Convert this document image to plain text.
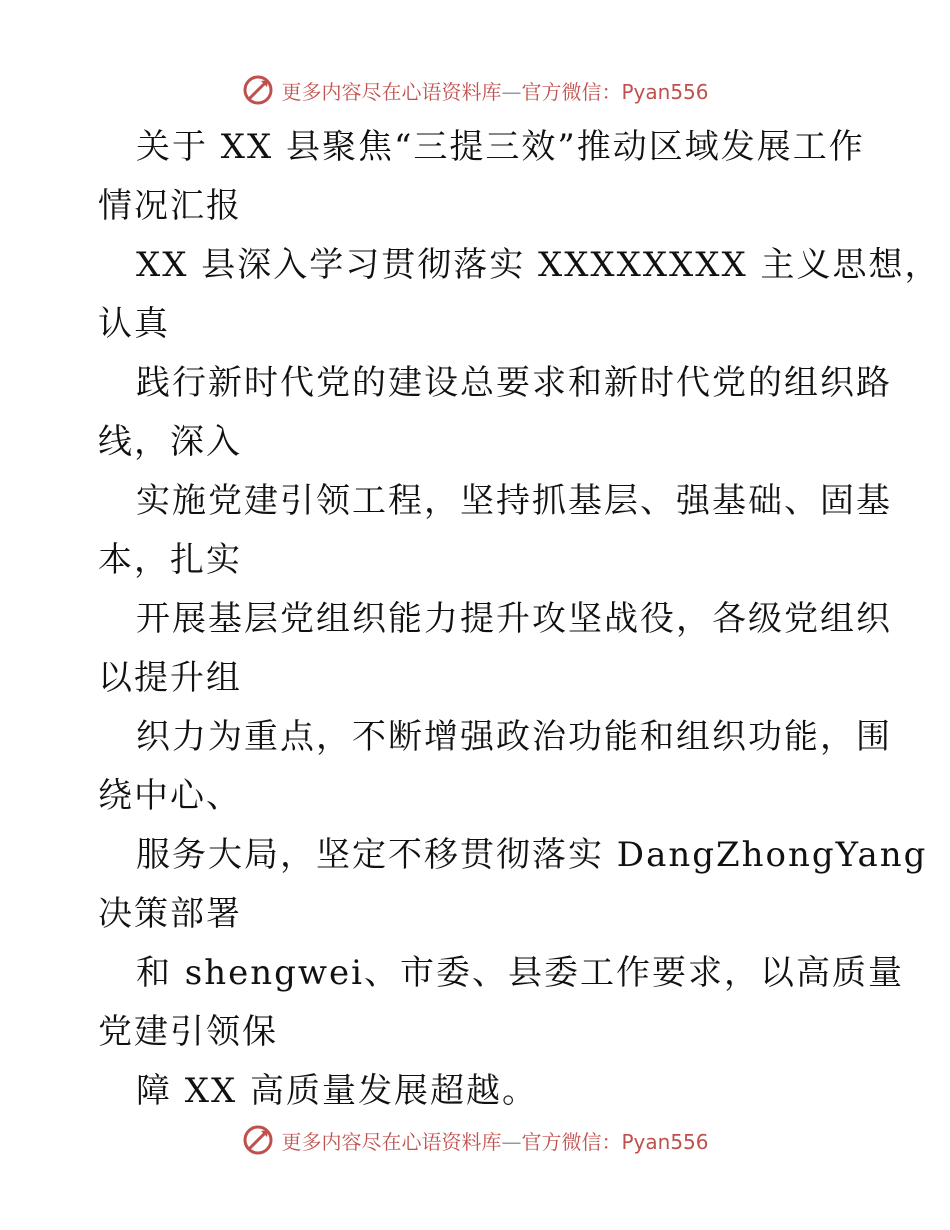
更多内容尽在心语资料库—官方微信：Pyan556
关于 XX 县聚焦“三提三效”推动区域发展工作
情况汇报
XX 县深入学习贯彻落实 XXXXXXXX 主义思想，
认真
践行新时代党的建设总要求和新时代党的组织路
线，深入
实施党建引领工程，坚持抓基层、强基础、固基
本，扎实
开展基层党组织能力提升攻坚战役，各级党组织
以提升组
织力为重点，不断增强政治功能和组织功能，围
绕中心、
服务大局，坚定不移贯彻落实 DangZhongYang
决策部署
和 shengwei、市委、县委工作要求，以高质量
党建引领保
障 XX 高质量发展超越。
更多内容尽在心语资料库—官方微信：Pyan556
